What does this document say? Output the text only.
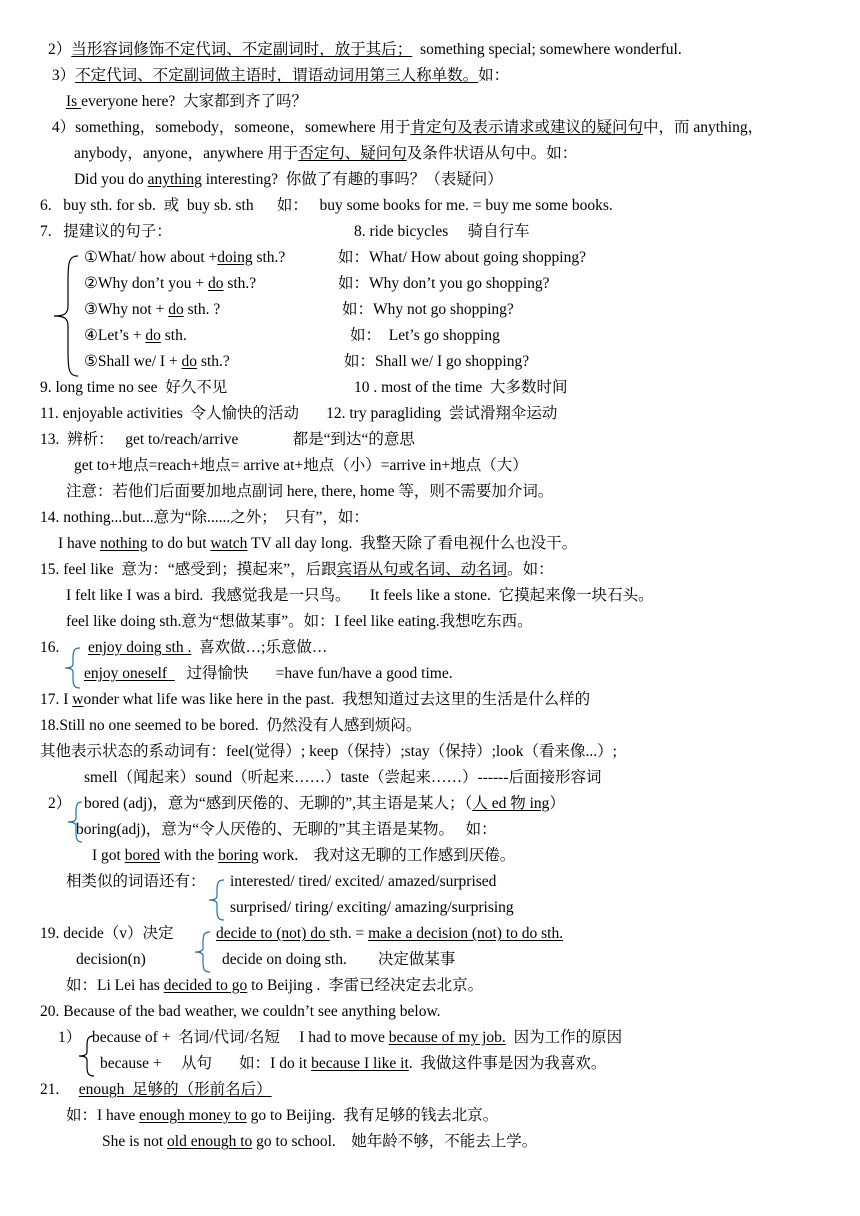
2）当形容词修饰不定代词、不定副词时，放于其后；  something special; somewhere wonderful.
3）不定代词、不定副词做主语时，谓语动词用第三人称单数。如：
Is everyone here?  大家都到齐了吗？
4）something，somebody，someone，somewhere 用于肯定句及表示请求或建议的疑问句中，而 anything，
anybody，anyone，anywhere 用于否定句、疑问句及条件状语从句中。如：
Did you do anything interesting?  你做了有趣的事吗？（表疑问）
6.   buy sth. for sb.  或  buy sb. sth      如：   buy some books for me. = buy me some books.
7.   提建议的句子：	8. ride bicycles     骑自行车
①What/ how about +doing sth.?	如：What/ How about going shopping?
②Why don’t you + do sth.?	如：Why don’t you go shopping?
③Why not + do sth. ?	如：Why not go shopping?
④Let’s + do sth.	如：  Let’s go shopping
⑤Shall we/ I + do sth.?	如：Shall we/ I go shopping?
9. long time no see  好久不见	10 . most of the time  大多数时间
11. enjoyable activities  令人愉快的活动       12. try paragliding  尝试滑翔伞运动
13.  辨析：   get to/reach/arrive              都是“到达“的意思
get to+地点=reach+地点= arrive at+地点（小）=arrive in+地点（大）
注意：若他们后面要加地点副词 here, there, home 等，则不需要加介词。
14. nothing...but...意为“除......之外；  只有”，如：
I have nothing to do but watch TV all day long.  我整天除了看电视什么也没干。
15. feel like  意为：“感受到；摸起来”，后跟宾语从句或名词、动名词。如：
I felt like I was a bird.  我感觉我是一只鸟。     It feels like a stone.  它摸起来像一块石头。
feel like doing sth.意为“想做某事”。如：I feel like eating.我想吃东西。
16. enjoy doing sth .  喜欢做…;乐意做…
enjoy oneself     过得愉快       =have fun/have a good time.
17. I wonder what life was like here in the past.  我想知道过去这里的生活是什么样的
18.Still no one seemed to be bored.  仍然没有人感到烦闷。
其他表示状态的系动词有：feel(觉得）; keep（保持）;stay（保持）;look（看来像...）;
smell（闻起来）sound（听起来……）taste（尝起来……）------后面接形容词
2） bored (adj)，意为“感到厌倦的、无聊的”,其主语是某人；（人 ed 物 ing）
boring(adj)，意为“令人厌倦的、无聊的”其主语是某物。   如：
I got bored with the boring work.    我对这无聊的工作感到厌倦。
相类似的词语还有： interested/ tired/ excited/ amazed/surprised
surprised/ tiring/ exciting/ amazing/surprising
19. decide（v）决定	decide to (not) do sth. = make a decision (not) to do sth.
decision(n)	decide on doing sth.        决定做某事
如：Li Lei has decided to go to Beijing .  李雷已经决定去北京。
20. Because of the bad weather, we couldn’t see anything below.
1） because of +  名词/代词/名短     I had to move because of my job.  因为工作的原因
because +     从句       如：I do it because I like it.  我做这件事是因为我喜欢。
21.     enough  足够的（形前名后）
如：I have enough money to go to Beijing.  我有足够的钱去北京。
She is not old enough to go to school.    她年龄不够，不能去上学。
